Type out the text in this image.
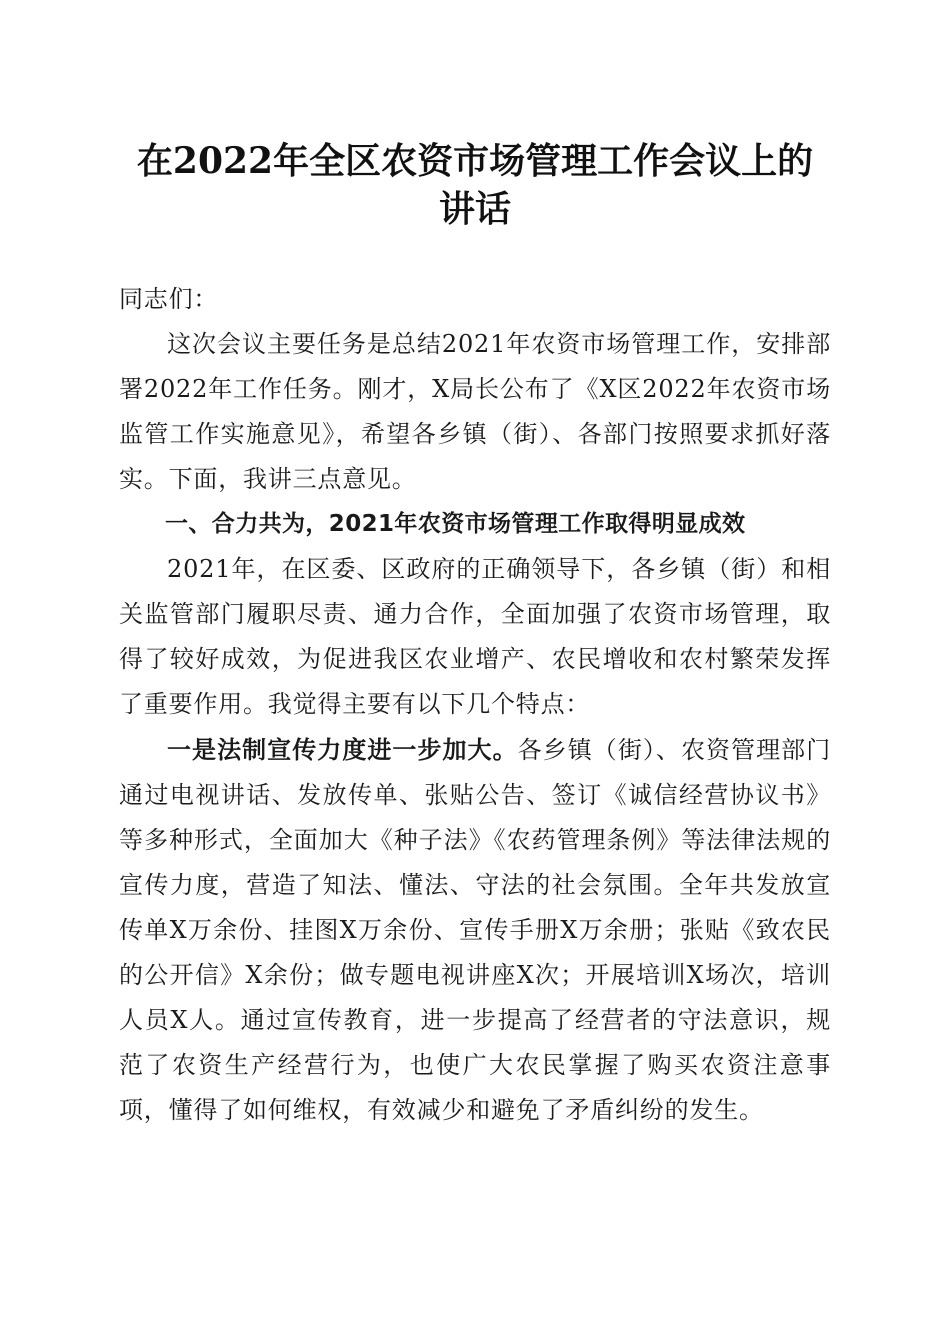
在2022年全区农资市场管理工作会议上的讲话

同志们：

这次会议主要任务是总结2021年农资市场管理工作，安排部署2022年工作任务。刚才，X局长公布了《X区2022年农资市场监管工作实施意见》，希望各乡镇（街）、各部门按照要求抓好落实。下面，我讲三点意见。

一、合力共为，2021年农资市场管理工作取得明显成效

2021年，在区委、区政府的正确领导下，各乡镇（街）和相关监管部门履职尽责、通力合作，全面加强了农资市场管理，取得了较好成效，为促进我区农业增产、农民增收和农村繁荣发挥了重要作用。我觉得主要有以下几个特点：

一是法制宣传力度进一步加大。各乡镇（街）、农资管理部门通过电视讲话、发放传单、张贴公告、签订《诚信经营协议书》等多种形式，全面加大《种子法》《农药管理条例》等法律法规的宣传力度，营造了知法、懂法、守法的社会氛围。全年共发放宣传单X万余份、挂图X万余份、宣传手册X万余册；张贴《致农民的公开信》X余份；做专题电视讲座X次；开展培训X场次，培训人员X人。通过宣传教育，进一步提高了经营者的守法意识，规范了农资生产经营行为，也使广大农民掌握了购买农资注意事项，懂得了如何维权，有效减少和避免了矛盾纠纷的发生。
